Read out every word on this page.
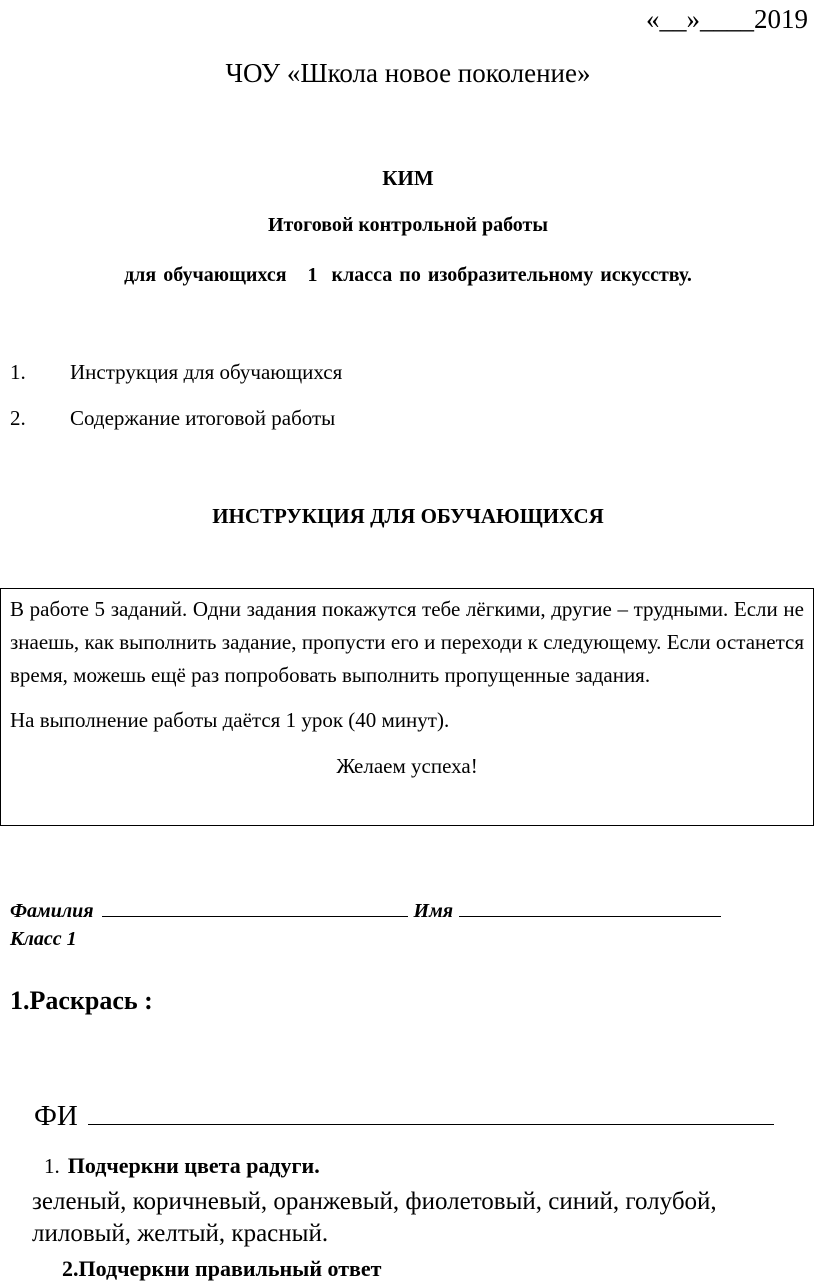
«__»____2019
ЧОУ «Школа новое поколение»
КИМ
Итоговой контрольной работы
для обучающихся   1  класса по изобразительному искусству.
1. Инструкция для обучающихся
2. Содержание итоговой работы
ИНСТРУКЦИЯ ДЛЯ ОБУЧАЮЩИХСЯ

В работе 5 заданий. Одни задания покажутся тебе лёгкими, другие – трудными. Если не знаешь, как выполнить задание, пропусти его и переходи к следующему. Если останется время, можешь ещё раз попробовать выполнить пропущенные задания.

На выполнение работы даётся 1 урок (40 минут).

Желаем успеха!

Фамилия	Имя
Класс 1
1.Раскрась :
ФИ
1. Подчеркни цвета радуги.
зеленый, коричневый, оранжевый, фиолетовый, синий, голубой, лиловый, желтый, красный.
2.Подчеркни правильный ответ
